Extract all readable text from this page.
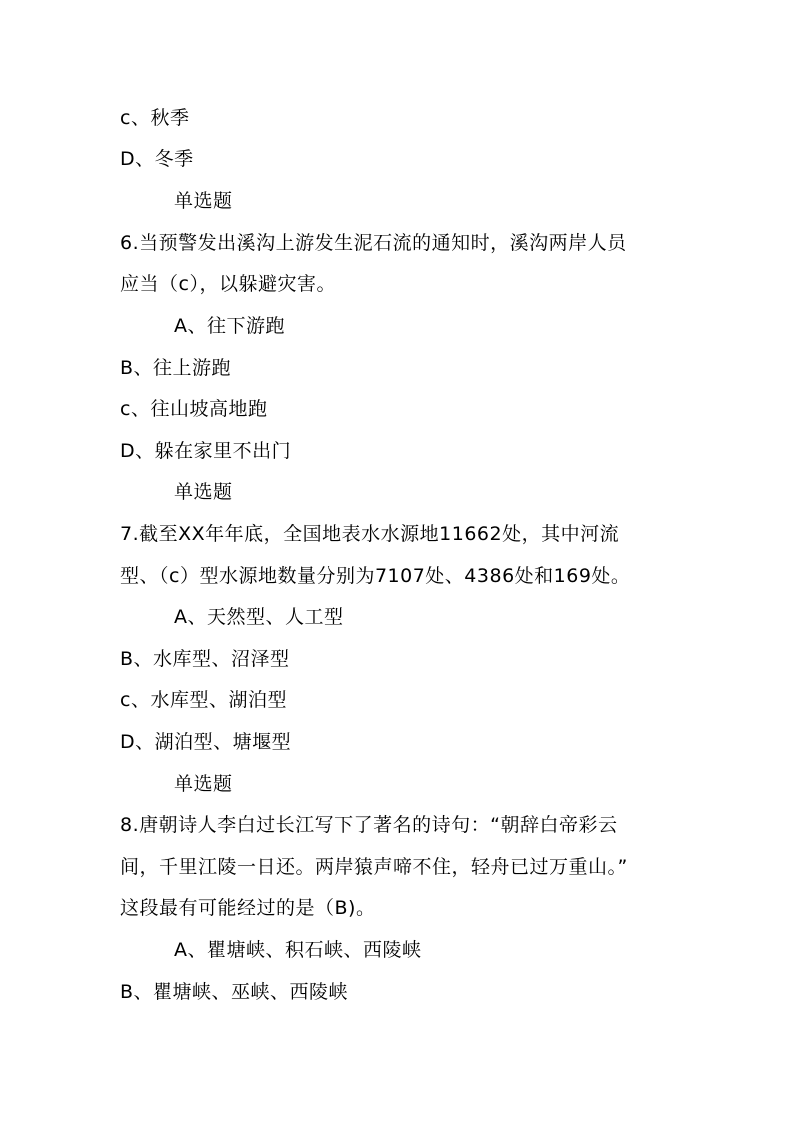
c、秋季
D、冬季
单选题
6.当预警发出溪沟上游发生泥石流的通知时，溪沟两岸人员
应当（c），以躲避灾害。
A、往下游跑
B、往上游跑
c、往山坡高地跑
D、躲在家里不出门
单选题
7.截至XX年年底，全国地表水水源地11662处，其中河流
型、（c）型水源地数量分别为7107处、4386处和169处。
A、天然型、人工型
B、水库型、沼泽型
c、水库型、湖泊型
D、湖泊型、塘堰型
单选题
8.唐朝诗人李白过长江写下了著名的诗句：“朝辞白帝彩云
间，千里江陵一日还。两岸猿声啼不住，轻舟已过万重山。”
这段最有可能经过的是（B)。
A、瞿塘峡、积石峡、西陵峡
B、瞿塘峡、巫峡、西陵峡
